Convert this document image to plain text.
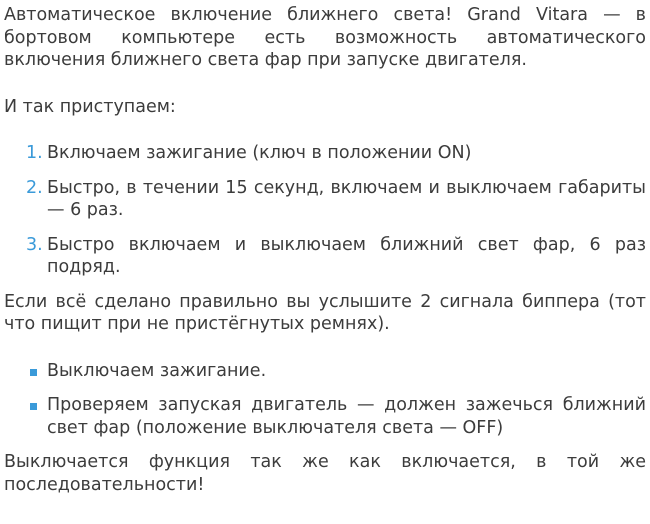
Автоматическое включение ближнего света! Grand Vitara — в бортовом компьютере есть возможность автоматического включения ближнего света фар при запуске двигателя.

И так приступаем:

1. Включаем зажигание (ключ в положении ON)
2. Быстро, в течении 15 секунд, включаем и выключаем габариты — 6 раз.
3. Быстро включаем и выключаем ближний свет фар, 6 раз подряд.

Если всё сделано правильно вы услышите 2 сигнала биппера (тот что пищит при не пристёгнутых ремнях).

Выключаем зажигание.
Проверяем запуская двигатель — должен зажечься ближний свет фар (положение выключателя света — OFF)

Выключается функция так же как включается, в той же последовательности!
